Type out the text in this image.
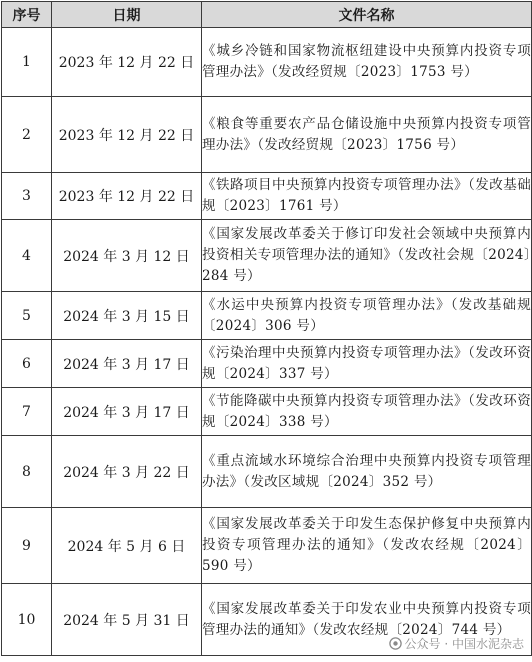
序号	日期	文件名称
1	2023 年 12 月 22 日	《城乡冷链和国家物流枢纽建设中央预算内投资专项管理办法》（发改经贸规〔2023〕1753 号）
2	2023 年 12 月 22 日	《粮食等重要农产品仓储设施中央预算内投资专项管理办法》（发改经贸规〔2023〕1756 号）
3	2023 年 12 月 22 日	《铁路项目中央预算内投资专项管理办法》（发改基础规〔2023〕1761 号）
4	2024 年 3 月 12 日	《国家发展改革委关于修订印发社会领域中央预算内投资相关专项管理办法的通知》（发改社会规〔2024〕284 号）
5	2024 年 3 月 15 日	《水运中央预算内投资专项管理办法》（发改基础规〔2024〕306 号）
6	2024 年 3 月 17 日	《污染治理中央预算内投资专项管理办法》（发改环资规〔2024〕337 号）
7	2024 年 3 月 17 日	《节能降碳中央预算内投资专项管理办法》（发改环资规〔2024〕338 号）
8	2024 年 3 月 22 日	《重点流域水环境综合治理中央预算内投资专项管理办法》（发改区域规〔2024〕352 号）
9	2024 年 5 月 6 日	《国家发展改革委关于印发生态保护修复中央预算内投资专项管理办法的通知》（发改农经规〔2024〕590 号）
10	2024 年 5 月 31 日	《国家发展改革委关于印发农业中央预算内投资专项管理办法的通知》（发改农经规〔2024〕744 号）
公众号 · 中国水泥杂志
